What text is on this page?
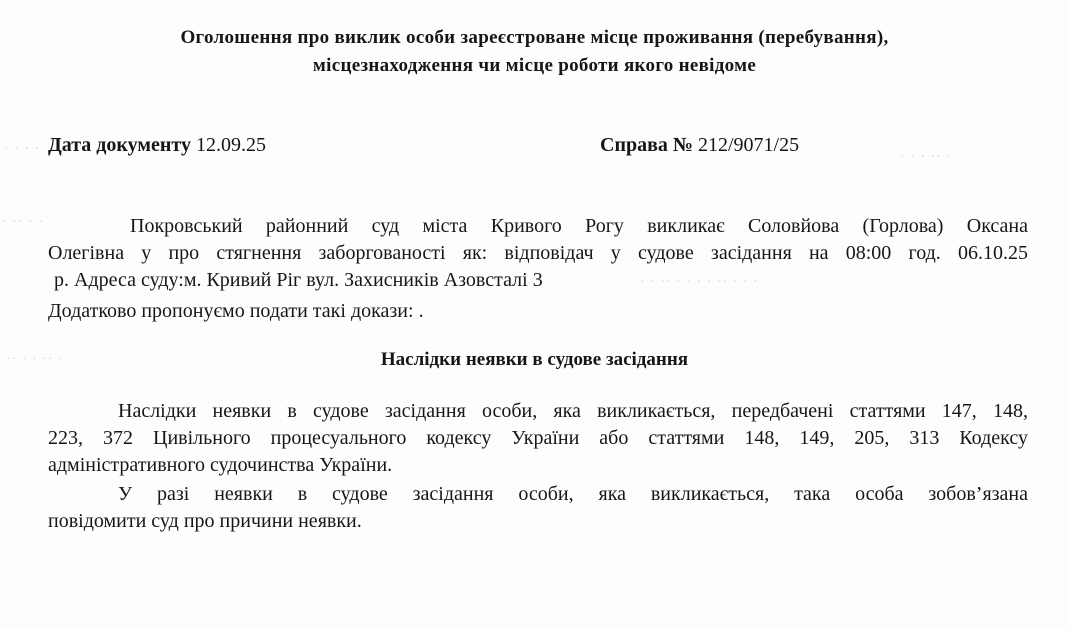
· · · ·
· ·· · ·
·· · · ·· ·
· · ·· · · · · ·· · · ·
· · · ·· ·
Оголошення про виклик особи зареєстроване місце проживання (перебування),
місцезнаходження чи місце роботи якого невідоме
Дата документу 12.09.25	Справа № 212/9071/25
Покровський районний суд міста Кривого Рогу викликає Соловйова (Горлова) Оксана
Олегівна у про стягнення заборгованості як: відповідач у судове засідання на 08:00 год. 06.10.25
р. Адреса суду:м. Кривий Ріг вул. Захисників Азовсталі 3
Додатково пропонуємо подати такі докази: .
Наслідки неявки в судове засідання
Наслідки неявки в судове засідання особи, яка викликається, передбачені статтями 147, 148,
223, 372 Цивільного процесуального кодексу України або статтями 148, 149, 205, 313 Кодексу
адміністративного судочинства України.
У разі неявки в судове засідання особи, яка викликається, така особа зобов’язана
повідомити суд про причини неявки.
